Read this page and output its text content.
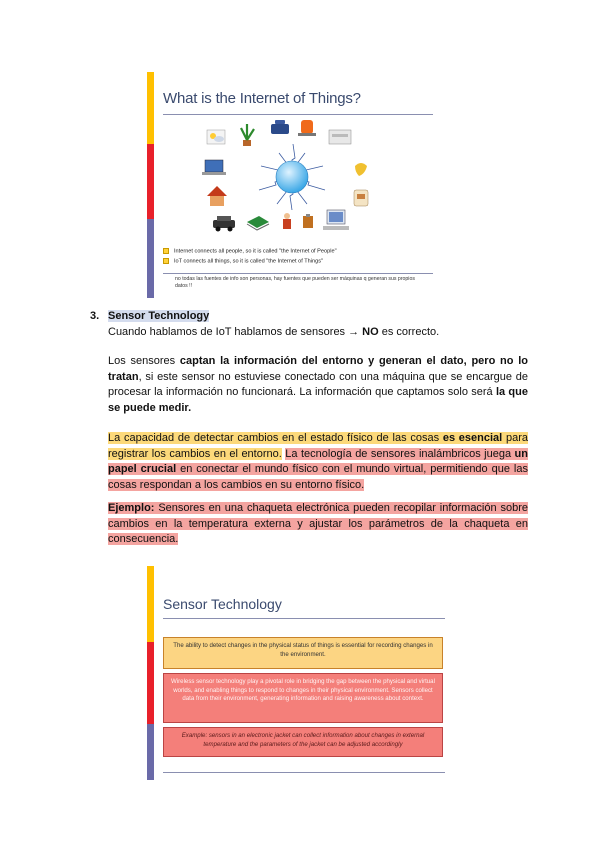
What is the Internet of Things?
Internet connects all people, so it is called "the Internet of People"
IoT connects all things, so it is called "the Internet of Things"
no todas las fuentes de info son personas, hay fuentes que pueden ser máquinas q generan sus propios datos !!
3. Sensor Technology
Cuando hablamos de IoT hablamos de sensores → NO es correcto.
Los sensores captan la información del entorno y generan el dato, pero no lo tratan, si este sensor no estuviese conectado con una máquina que se encargue de procesar la información no funcionará. La información que captamos solo será la que se puede medir.
La capacidad de detectar cambios en el estado físico de las cosas es esencial para registrar los cambios en el entorno. La tecnología de sensores inalámbricos juega un papel crucial en conectar el mundo físico con el mundo virtual, permitiendo que las cosas respondan a los cambios en su entorno físico.
Ejemplo: Sensores en una chaqueta electrónica pueden recopilar información sobre cambios en la temperatura externa y ajustar los parámetros de la chaqueta en consecuencia.
Sensor Technology
The ability to detect changes in the physical status of things is essential for recording changes in the environment.
Wireless sensor technology play a pivotal role in bridging the gap between the physical and virtual worlds, and enabling things to respond to changes in their physical environment. Sensors collect data from their environment, generating information and raising awareness about context.
Example: sensors in an electronic jacket can collect information about changes in external temperature and the parameters of the jacket can be adjusted accordingly
